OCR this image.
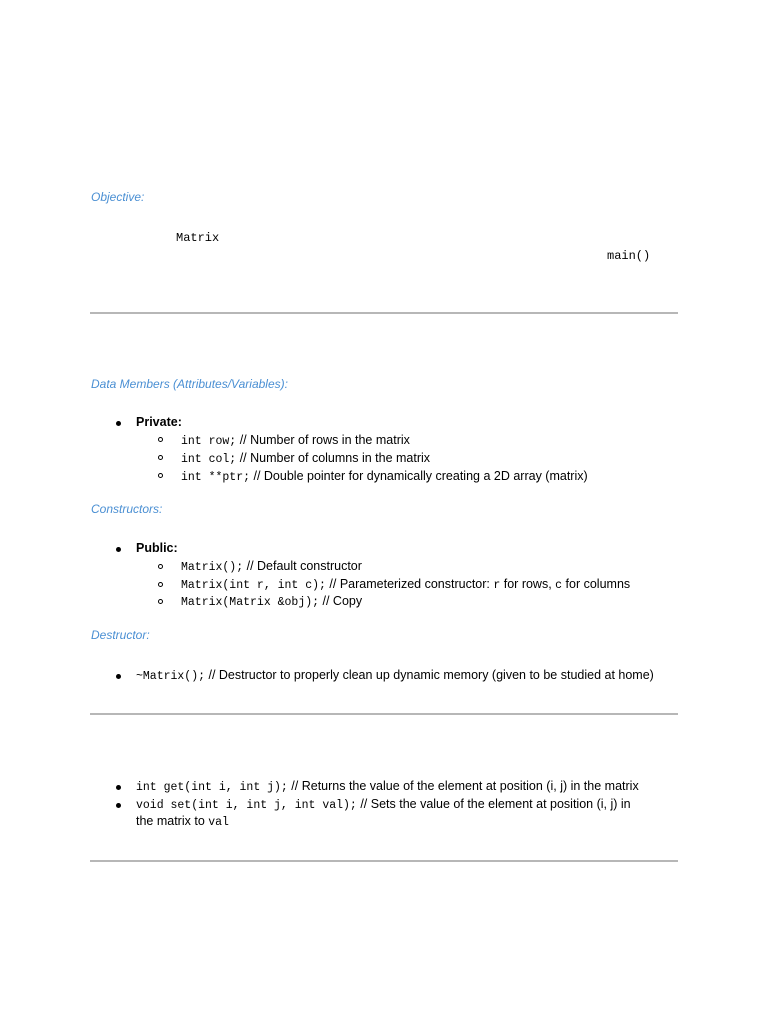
Objective:
Matrix
main()
Data Members (Attributes/Variables):
Private:
int row; // Number of rows in the matrix
int col; // Number of columns in the matrix
int **ptr; // Double pointer for dynamically creating a 2D array (matrix)
Constructors:
Public:
Matrix(); // Default constructor
Matrix(int r, int c); // Parameterized constructor: r for rows, c for columns
Matrix(Matrix &obj); // Copy
Destructor:
~Matrix(); // Destructor to properly clean up dynamic memory (given to be studied at home)
int get(int i, int j); // Returns the value of the element at position (i, j) in the matrix
void set(int i, int j, int val); // Sets the value of the element at position (i, j) in
the matrix to val
